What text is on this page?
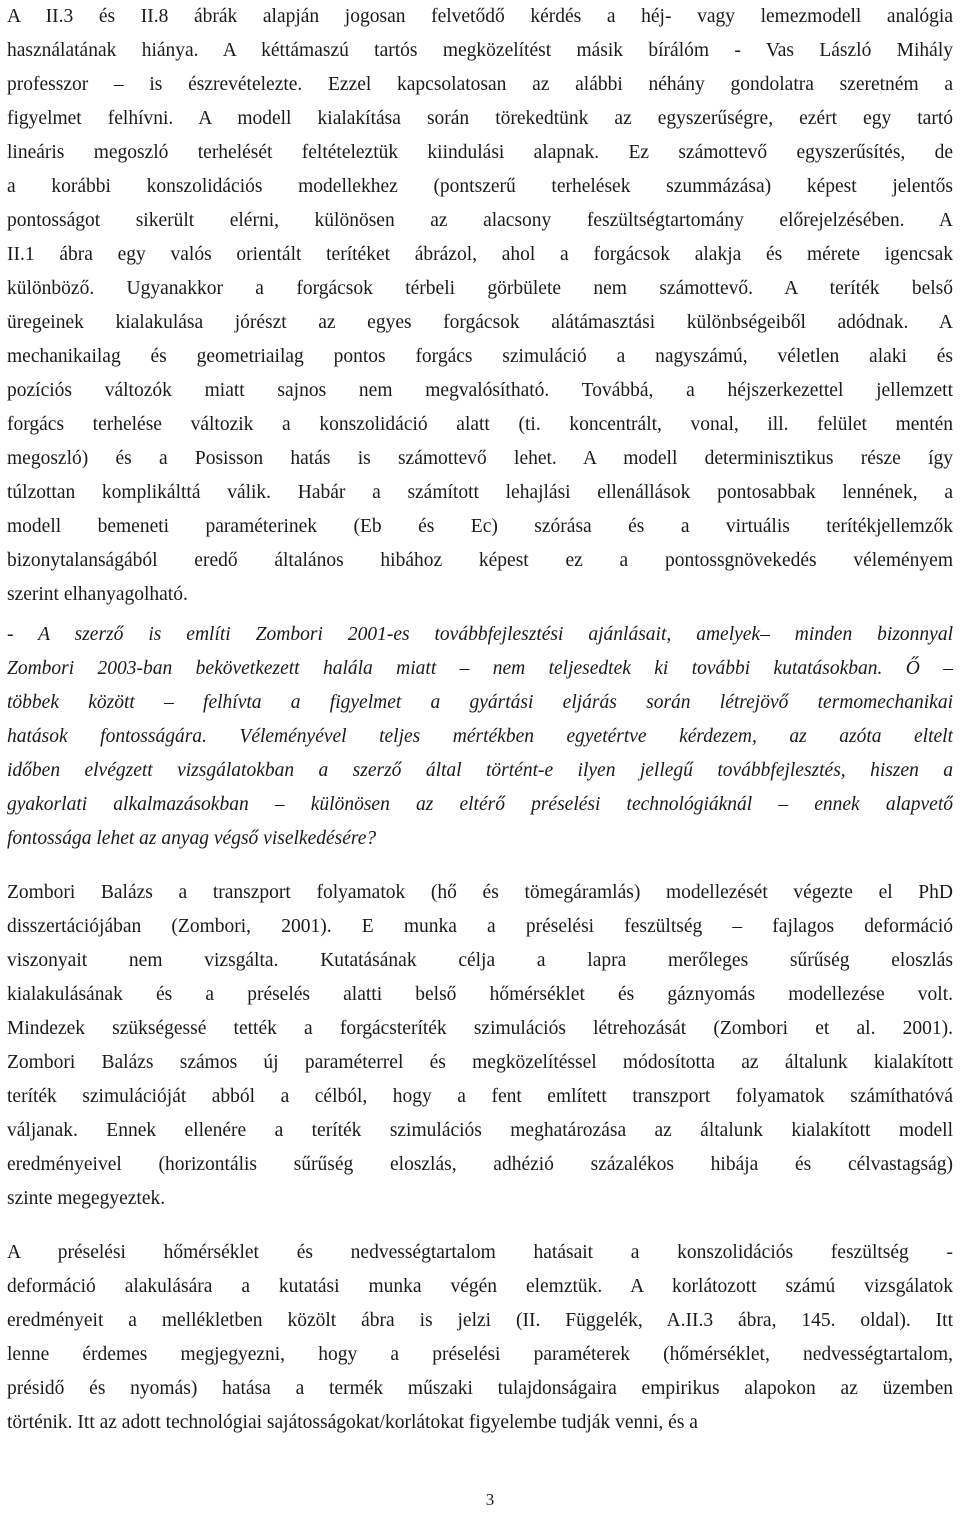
A II.3 és II.8 ábrák alapján jogosan felvetődő kérdés a héj- vagy lemezmodell analógia
használatának hiánya. A kéttámaszú tartós megközelítést másik bírálóm - Vas László Mihály
professzor – is észrevételezte. Ezzel kapcsolatosan az alábbi néhány gondolatra szeretném a
figyelmet felhívni. A modell kialakítása során törekedtünk az egyszerűségre, ezért egy tartó
lineáris megoszló terhelését feltételeztük kiindulási alapnak. Ez számottevő egyszerűsítés, de
a korábbi konszolidációs modellekhez (pontszerű terhelések szummázása) képest jelentős
pontosságot sikerült elérni, különösen az alacsony feszültségtartomány előrejelzésében. A
II.1 ábra egy valós orientált terítéket ábrázol, ahol a forgácsok alakja és mérete igencsak
különböző. Ugyanakkor a forgácsok térbeli görbülete nem számottevő. A teríték belső
üregeinek kialakulása jórészt az egyes forgácsok alátámasztási különbségeiből adódnak. A
mechanikailag és geometriailag pontos forgács szimuláció a nagyszámú, véletlen alaki és
pozíciós változók miatt sajnos nem megvalósítható. Továbbá, a héjszerkezettel jellemzett
forgács terhelése változik a konszolidáció alatt (ti. koncentrált, vonal, ill. felület mentén
megoszló) és a Posisson hatás is számottevő lehet. A modell determinisztikus része így
túlzottan komplikálttá válik. Habár a számított lehajlási ellenállások pontosabbak lennének, a
modell bemeneti paraméterinek (Eb és Ec) szórása és a virtuális terítékjellemzők
bizonytalanságából eredő általános hibához képest ez a pontossgnövekedés véleményem
szerint elhanyagolható.
- A szerző is említi Zombori 2001-es továbbfejlesztési ajánlásait, amelyek– minden bizonnyal
Zombori 2003-ban bekövetkezett halála miatt – nem teljesedtek ki további kutatásokban. Ő –
többek között – felhívta a figyelmet a gyártási eljárás során létrejövő termomechanikai
hatások fontosságára. Véleményével teljes mértékben egyetértve kérdezem, az azóta eltelt
időben elvégzett vizsgálatokban a szerző által történt-e ilyen jellegű továbbfejlesztés, hiszen a
gyakorlati alkalmazásokban – különösen az eltérő préselési technológiáknál – ennek alapvető
fontossága lehet az anyag végső viselkedésére?
Zombori Balázs a transzport folyamatok (hő és tömegáramlás) modellezését végezte el PhD
disszertációjában (Zombori, 2001). E munka a préselési feszültség – fajlagos deformáció
viszonyait nem vizsgálta. Kutatásának célja a lapra merőleges sűrűség eloszlás
kialakulásának és a préselés alatti belső hőmérséklet és gáznyomás modellezése volt.
Mindezek szükségessé tették a forgácsteríték szimulációs létrehozását (Zombori et al. 2001).
Zombori Balázs számos új paraméterrel és megközelítéssel módosította az általunk kialakított
teríték szimulációját abból a célból, hogy a fent említett transzport folyamatok számíthatóvá
váljanak. Ennek ellenére a teríték szimulációs meghatározása az általunk kialakított modell
eredményeivel (horizontális sűrűség eloszlás, adhézió százalékos hibája és célvastagság)
szinte megegyeztek.
A préselési hőmérséklet és nedvességtartalom hatásait a konszolidációs feszültség -
deformáció alakulására a kutatási munka végén elemztük. A korlátozott számú vizsgálatok
eredményeit a mellékletben közölt ábra is jelzi (II. Függelék, A.II.3 ábra, 145. oldal). Itt
lenne érdemes megjegyezni, hogy a préselési paraméterek (hőmérséklet, nedvességtartalom,
présidő és nyomás) hatása a termék műszaki tulajdonságaira empirikus alapokon az üzemben
történik. Itt az adott technológiai sajátosságokat/korlátokat figyelembe tudják venni, és a
3
